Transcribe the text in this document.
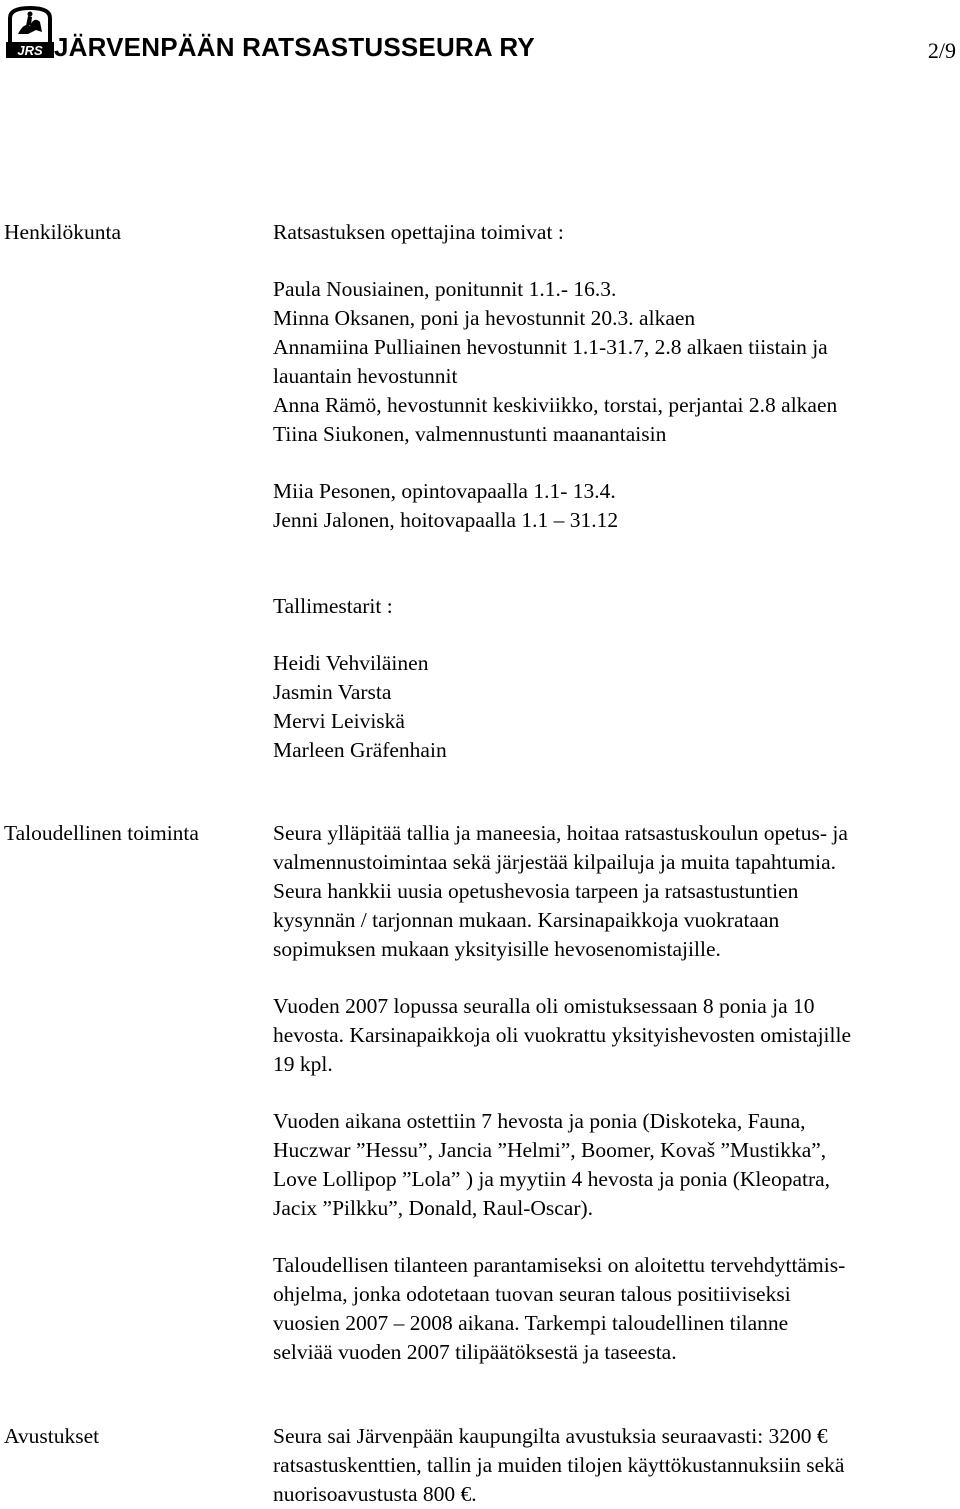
JRS JÄRVENPÄÄN RATSASTUSSEURA RY	2/9
Henkilökunta	Ratsastuksen opettajina toimivat :
Paula Nousiainen, ponitunnit 1.1.- 16.3.
Minna Oksanen, poni ja hevostunnit 20.3. alkaen
Annamiina Pulliainen hevostunnit 1.1-31.7, 2.8 alkaen tiistain ja
lauantain hevostunnit
Anna Rämö, hevostunnit keskiviikko, torstai, perjantai 2.8 alkaen
Tiina Siukonen, valmennustunti maanantaisin
Miia Pesonen, opintovapaalla 1.1- 13.4.
Jenni Jalonen, hoitovapaalla 1.1 – 31.12
Tallimestarit :
Heidi Vehviläinen
Jasmin Varsta
Mervi Leiviskä
Marleen Gräfenhain
Taloudellinen toiminta	Seura ylläpitää tallia ja maneesia, hoitaa ratsastuskoulun opetus- ja
valmennustoimintaa sekä järjestää kilpailuja ja muita tapahtumia.
Seura hankkii uusia opetushevosia tarpeen ja ratsastustuntien
kysynnän / tarjonnan mukaan. Karsinapaikkoja vuokrataan
sopimuksen mukaan yksityisille hevosenomistajille.
Vuoden 2007 lopussa seuralla oli omistuksessaan 8 ponia ja 10
hevosta. Karsinapaikkoja oli vuokrattu yksityishevosten omistajille
19 kpl.
Vuoden aikana ostettiin 7 hevosta ja ponia (Diskoteka, Fauna,
Huczwar ”Hessu”, Jancia ”Helmi”, Boomer, Kovaš ”Mustikka”,
Love Lollipop ”Lola” ) ja myytiin 4 hevosta ja ponia (Kleopatra,
Jacix ”Pilkku”, Donald, Raul-Oscar).
Taloudellisen tilanteen parantamiseksi on aloitettu tervehdyttämis-
ohjelma, jonka odotetaan tuovan seuran talous positiiviseksi
vuosien 2007 – 2008 aikana. Tarkempi taloudellinen tilanne
selviää vuoden 2007 tilipäätöksestä ja taseesta.
Avustukset	Seura sai Järvenpään kaupungilta avustuksia seuraavasti: 3200 €
ratsastuskenttien, tallin ja muiden tilojen käyttökustannuksiin sekä
nuorisoavustusta 800 €.
